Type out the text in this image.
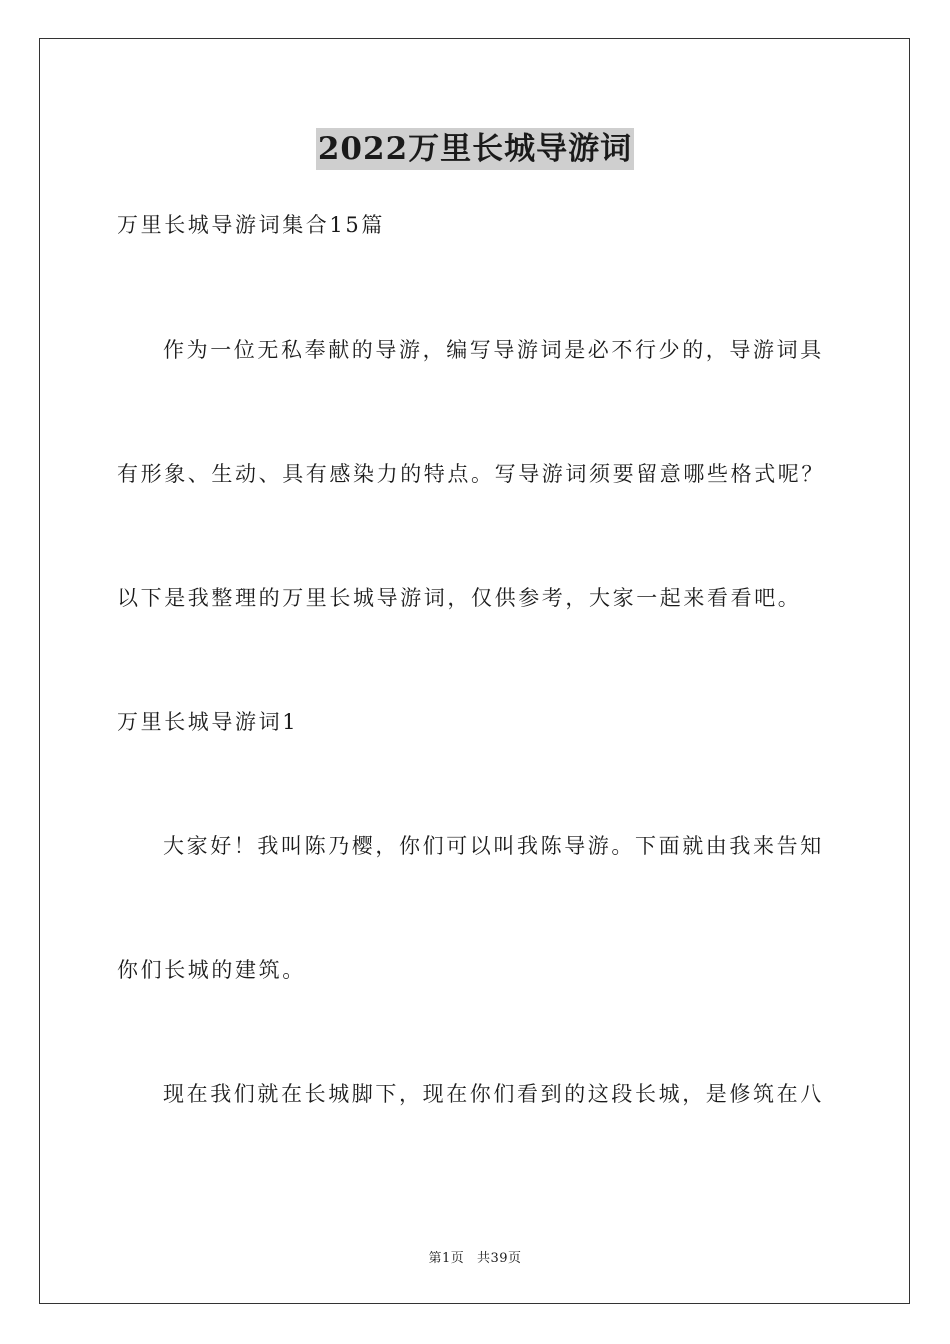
2022万里长城导游词
万里长城导游词集合15篇
作为一位无私奉献的导游，编写导游词是必不行少的，导游词具
有形象、生动、具有感染力的特点。写导游词须要留意哪些格式呢？
以下是我整理的万里长城导游词，仅供参考，大家一起来看看吧。
万里长城导游词1
大家好！我叫陈乃樱，你们可以叫我陈导游。下面就由我来告知
你们长城的建筑。
现在我们就在长城脚下，现在你们看到的这段长城，是修筑在八
第1页 共39页
